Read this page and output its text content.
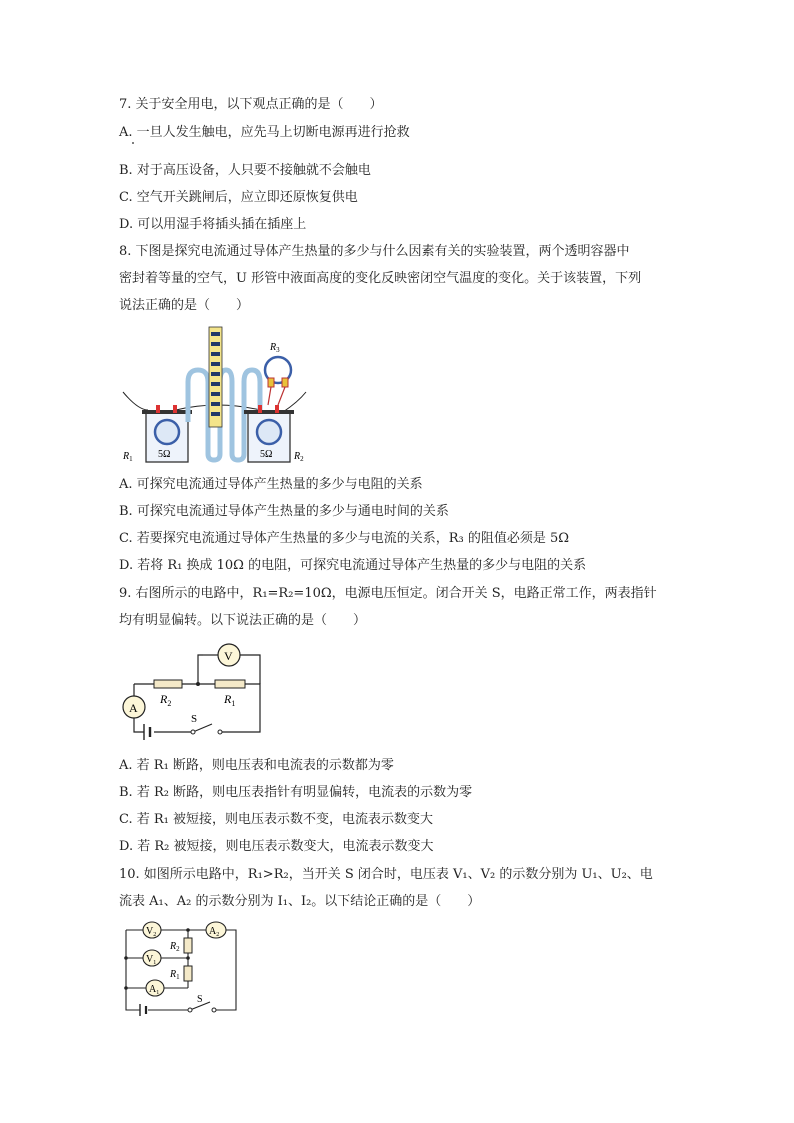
7. 关于安全用电，以下观点正确的是（　　）
A. 一旦人发生触电，应先马上切断电源再进行抢救
B. 对于高压设备，人只要不接触就不会触电
C. 空气开关跳闸后，应立即还原恢复供电
D. 可以用湿手将插头插在插座上
8. 下图是探究电流通过导体产生热量的多少与什么因素有关的实验装置，两个透明容器中
密封着等量的空气，U 形管中液面高度的变化反映密闭空气温度的变化。关于该装置，下列
说法正确的是（　　）
$R_1$	5Ω	5Ω $R_2$
$R_3$
A. 可探究电流通过导体产生热量的多少与电阻的关系
B. 可探究电流通过导体产生热量的多少与通电时间的关系
C. 若要探究电流通过导体产生热量的多少与电流的关系，R₃ 的阻值必须是 5Ω
D. 若将 R₁ 换成 10Ω 的电阻，可探究电流通过导体产生热量的多少与电阻的关系
9. 右图所示的电路中，R₁=R₂=10Ω，电源电压恒定。闭合开关 S，电路正常工作，两表指针
均有明显偏转。以下说法正确的是（　　）
V
A
$R_2$	$R_1$
S
A. 若 R₁ 断路，则电压表和电流表的示数都为零
B. 若 R₂ 断路，则电压表指针有明显偏转，电流表的示数为零
C. 若 R₁ 被短接，则电压表示数不变，电流表示数变大
D. 若 R₂ 被短接，则电压表示数变大，电流表示数变大
10. 如图所示电路中，R₁>R₂，当开关 S 闭合时，电压表 V₁、V₂ 的示数分别为 U₁、U₂、电
流表 A₁、A₂ 的示数分别为 I₁、I₂。以下结论正确的是（　　）
$V_2$
$V_1$
$A_1$
$A_2$
$R_2$
$R_1$
S
